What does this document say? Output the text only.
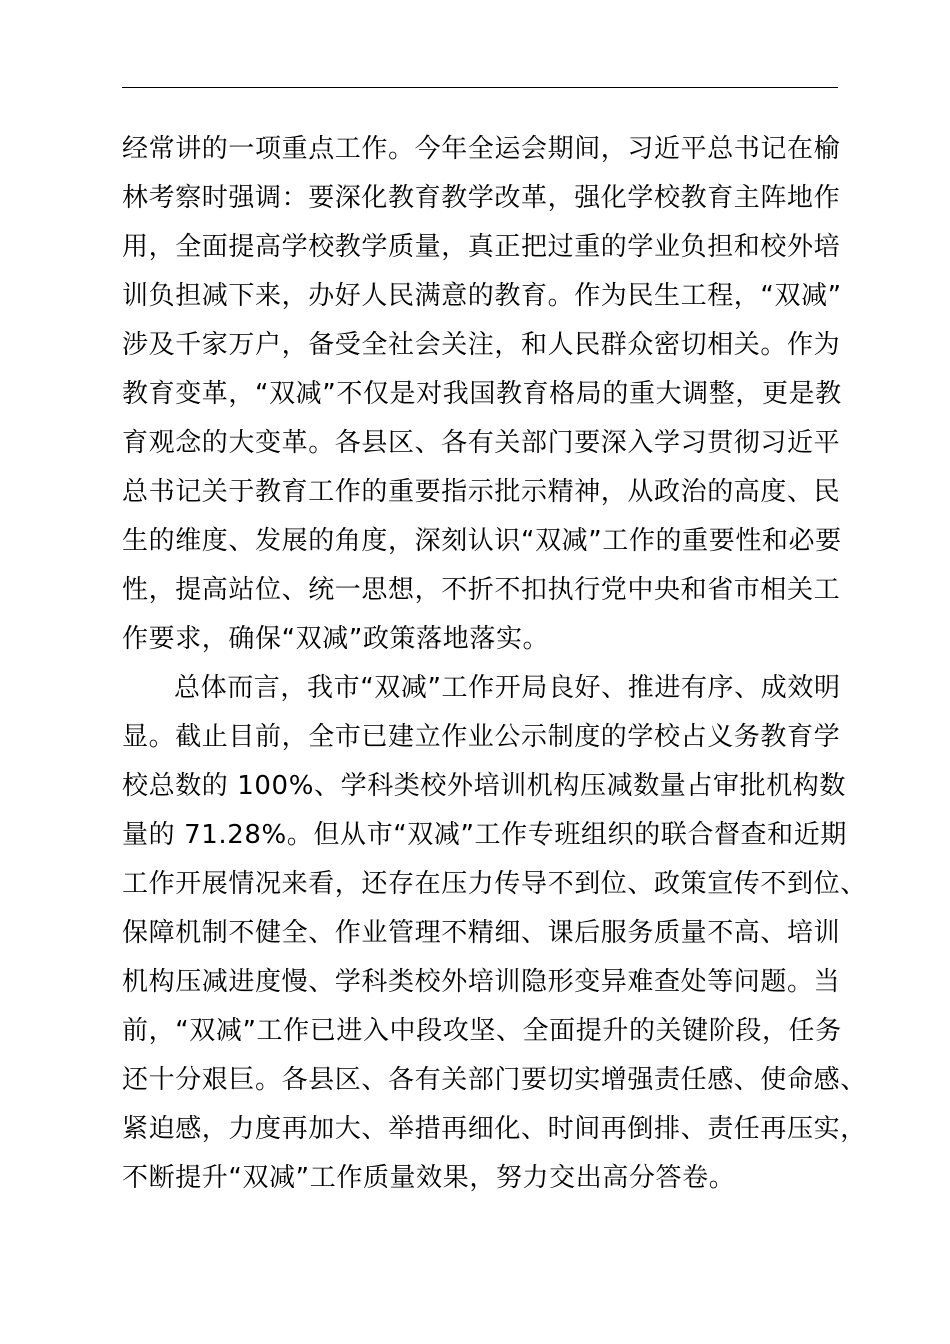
经常讲的一项重点工作。今年全运会期间，习近平总书记在榆
林考察时强调：要深化教育教学改革，强化学校教育主阵地作
用，全面提高学校教学质量，真正把过重的学业负担和校外培
训负担减下来，办好人民满意的教育。作为民生工程，“双减”
涉及千家万户，备受全社会关注，和人民群众密切相关。作为
教育变革，“双减”不仅是对我国教育格局的重大调整，更是教
育观念的大变革。各县区、各有关部门要深入学习贯彻习近平
总书记关于教育工作的重要指示批示精神，从政治的高度、民
生的维度、发展的角度，深刻认识“双减”工作的重要性和必要
性，提高站位、统一思想，不折不扣执行党中央和省市相关工
作要求，确保“双减”政策落地落实。
总体而言，我市“双减”工作开局良好、推进有序、成效明
显。截止目前，全市已建立作业公示制度的学校占义务教育学
校总数的 100%、学科类校外培训机构压减数量占审批机构数
量的 71.28%。但从市“双减”工作专班组织的联合督查和近期
工作开展情况来看，还存在压力传导不到位、政策宣传不到位、
保障机制不健全、作业管理不精细、课后服务质量不高、培训
机构压减进度慢、学科类校外培训隐形变异难查处等问题。当
前，“双减”工作已进入中段攻坚、全面提升的关键阶段，任务
还十分艰巨。各县区、各有关部门要切实增强责任感、使命感、
紧迫感，力度再加大、举措再细化、时间再倒排、责任再压实，
不断提升“双减”工作质量效果，努力交出高分答卷。
